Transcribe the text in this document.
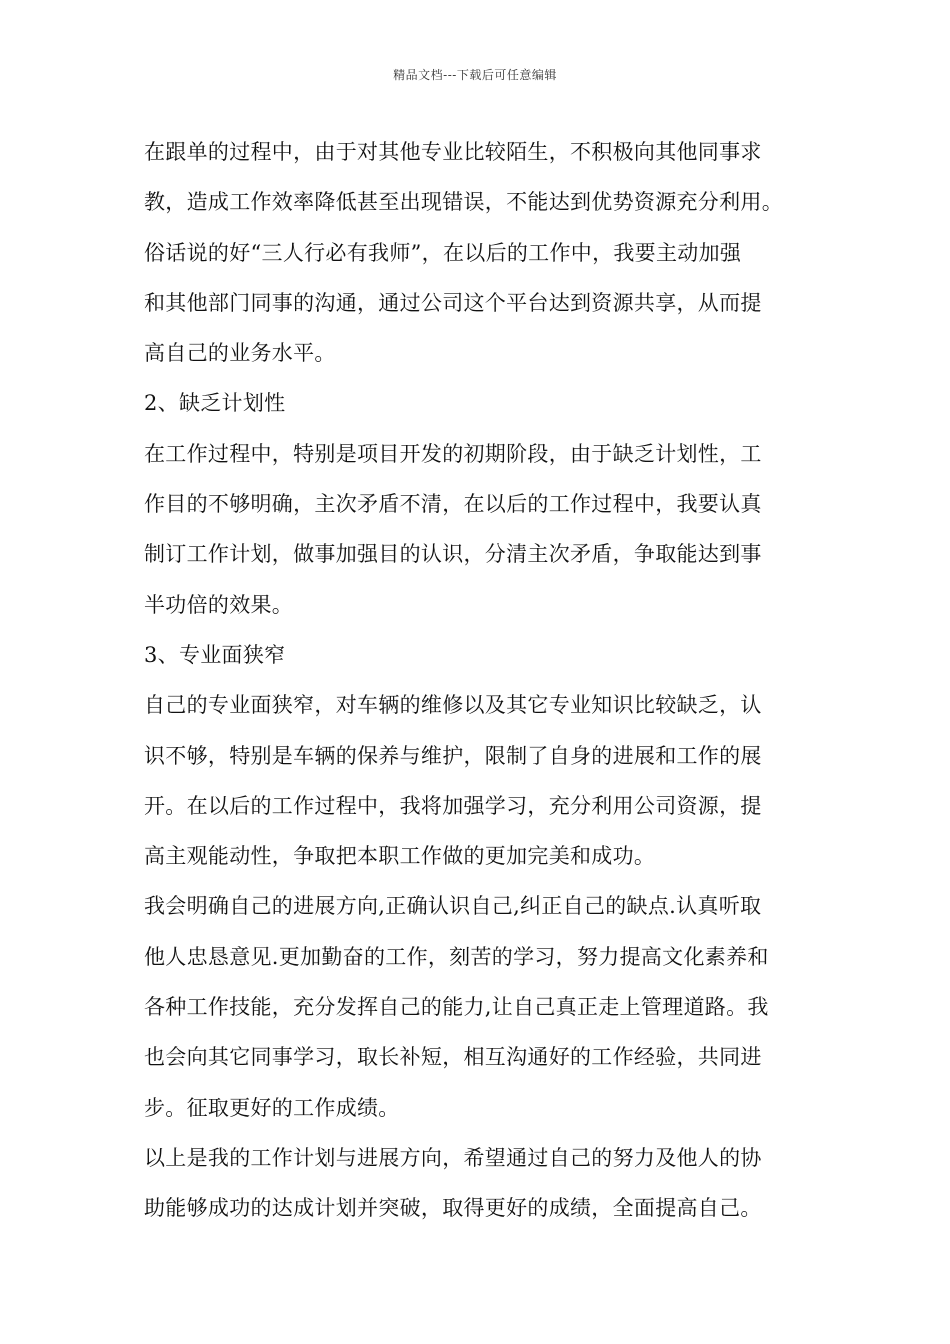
精品文档---下载后可任意编辑
在跟单的过程中，由于对其他专业比较陌生，不积极向其他同事求
教，造成工作效率降低甚至出现错误，不能达到优势资源充分利用。
俗话说的好“三人行必有我师”，在以后的工作中，我要主动加强
和其他部门同事的沟通，通过公司这个平台达到资源共享，从而提
高自己的业务水平。
2、缺乏计划性
在工作过程中，特别是项目开发的初期阶段，由于缺乏计划性，工
作目的不够明确，主次矛盾不清，在以后的工作过程中，我要认真
制订工作计划，做事加强目的认识，分清主次矛盾，争取能达到事
半功倍的效果。
3、专业面狭窄
自己的专业面狭窄，对车辆的维修以及其它专业知识比较缺乏，认
识不够，特别是车辆的保养与维护，限制了自身的进展和工作的展
开。在以后的工作过程中，我将加强学习，充分利用公司资源，提
高主观能动性，争取把本职工作做的更加完美和成功。
我会明确自己的进展方向,正确认识自己,纠正自己的缺点.认真听取
他人忠恳意见.更加勤奋的工作，刻苦的学习，努力提高文化素养和
各种工作技能，充分发挥自己的能力,让自己真正走上管理道路。我
也会向其它同事学习，取长补短，相互沟通好的工作经验，共同进
步。征取更好的工作成绩。
以上是我的工作计划与进展方向，希望通过自己的努力及他人的协
助能够成功的达成计划并突破，取得更好的成绩，全面提高自己。
